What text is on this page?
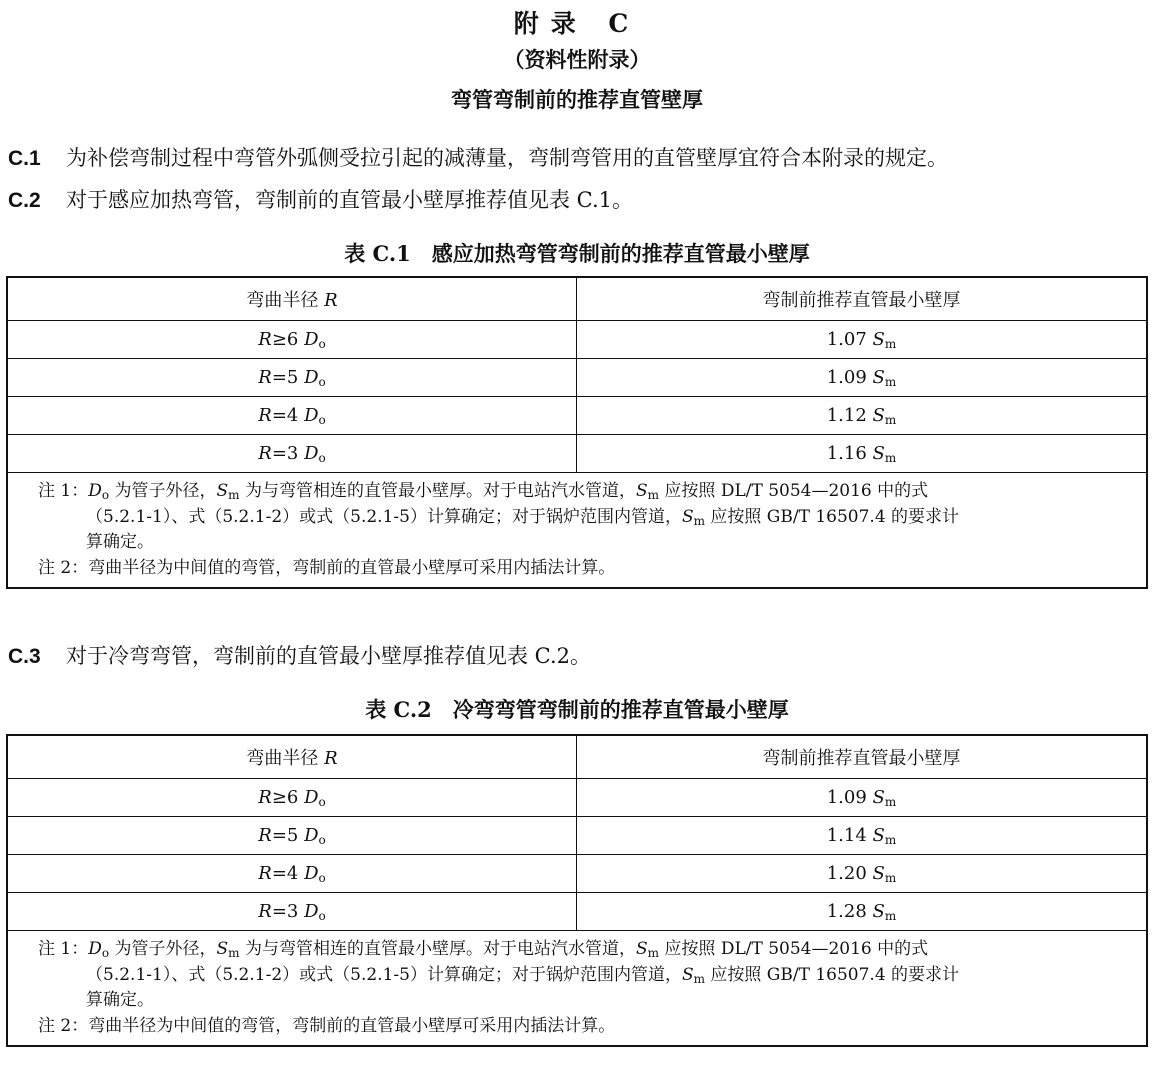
附录 C
（资料性附录）
弯管弯制前的推荐直管壁厚
C.1 为补偿弯制过程中弯管外弧侧受拉引起的减薄量，弯制弯管用的直管壁厚宜符合本附录的规定。
C.2 对于感应加热弯管，弯制前的直管最小壁厚推荐值见表 C.1。
表 C.1　感应加热弯管弯制前的推荐直管最小壁厚
弯曲半径 R	弯制前推荐直管最小壁厚
R≥6 $D_o$	1.07 $S_m$
R=5 $D_o$	1.09 $S_m$
R=4 $D_o$	1.12 $S_m$
R=3 $D_o$	1.16 $S_m$

注 1：$D_o$ 为管子外径，$S_m$ 为与弯管相连的直管最小壁厚。对于电站汽水管道，$S_m$ 应按照 DL/T 5054—2016 中的式
（5.2.1-1）、式（5.2.1-2）或式（5.2.1-5）计算确定；对于锅炉范围内管道，$S_m$ 应按照 GB/T 16507.4 的要求计
算确定。
注 2：弯曲半径为中间值的弯管，弯制前的直管最小壁厚可采用内插法计算。	
C.3 对于冷弯弯管，弯制前的直管最小壁厚推荐值见表 C.2。
表 C.2　冷弯弯管弯制前的推荐直管最小壁厚
弯曲半径 R	弯制前推荐直管最小壁厚
R≥6 $D_o$	1.09 $S_m$
R=5 $D_o$	1.14 $S_m$
R=4 $D_o$	1.20 $S_m$
R=3 $D_o$	1.28 $S_m$

注 1：$D_o$ 为管子外径，$S_m$ 为与弯管相连的直管最小壁厚。对于电站汽水管道，$S_m$ 应按照 DL/T 5054—2016 中的式
（5.2.1-1）、式（5.2.1-2）或式（5.2.1-5）计算确定；对于锅炉范围内管道，$S_m$ 应按照 GB/T 16507.4 的要求计
算确定。
注 2：弯曲半径为中间值的弯管，弯制前的直管最小壁厚可采用内插法计算。	
